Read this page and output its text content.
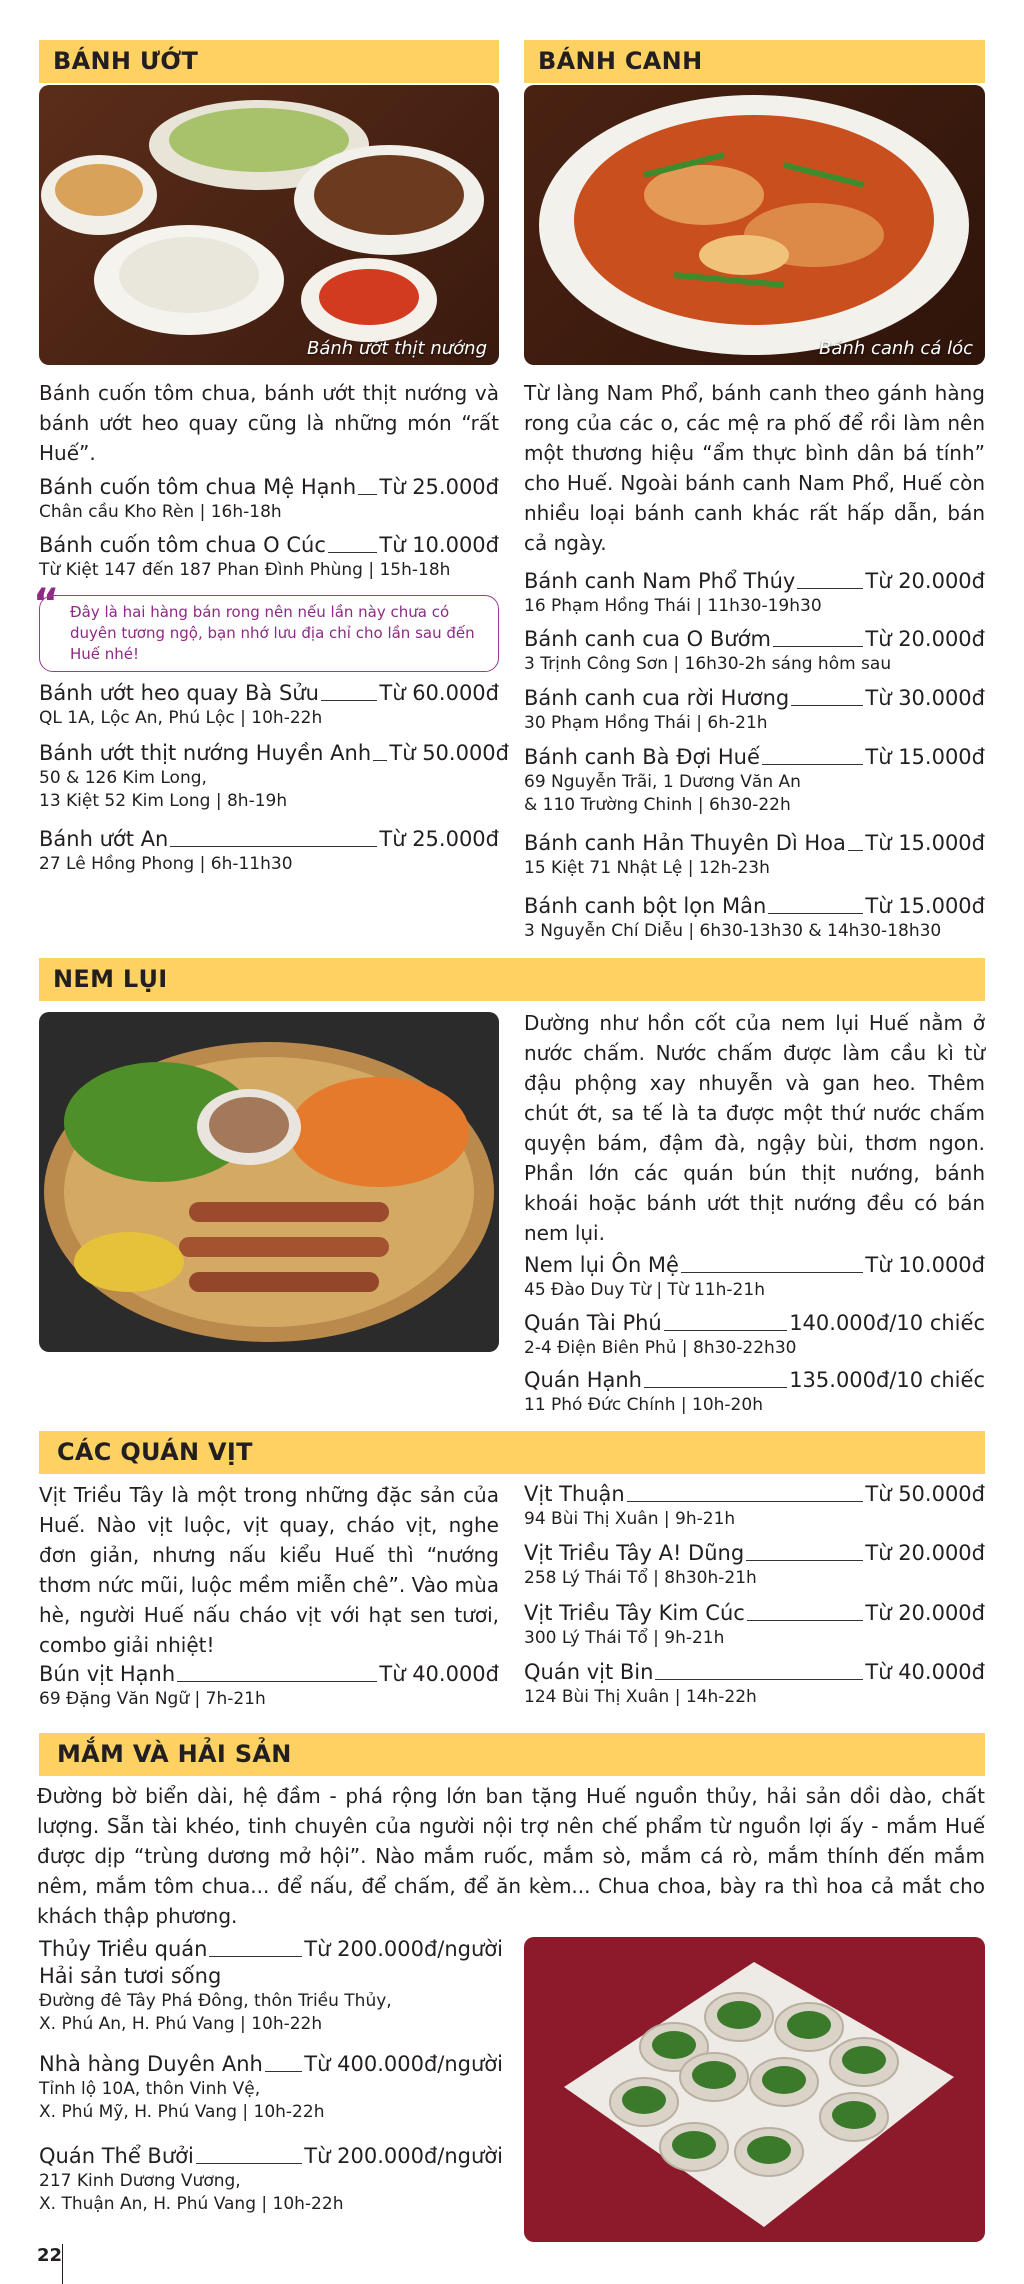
BÁNH ƯỚT
Bánh ướt thịt nướng
Bánh cuốn tôm chua, bánh ướt thịt nướng và bánh ướt heo quay cũng là những món “rất Huế”.
Bánh cuốn tôm chua Mệ Hạnh Từ 25.000đ
Chân cầu Kho Rèn | 16h-18h
Bánh cuốn tôm chua O Cúc	Từ 10.000đ
Từ Kiệt 147 đến 187 Phan Đình Phùng | 15h-18h
“ Đây là hai hàng bán rong nên nếu lần này chưa có duyên tương ngộ, bạn nhớ lưu địa chỉ cho lần sau đến Huế nhé!
Bánh ướt heo quay Bà Sửu	Từ 60.000đ
QL 1A, Lộc An, Phú Lộc | 10h-22h
Bánh ướt thịt nướng Huyền Anh Từ 50.000đ
50 & 126 Kim Long,
13 Kiệt 52 Kim Long | 8h-19h
Bánh ướt An	Từ 25.000đ
27 Lê Hồng Phong | 6h-11h30
BÁNH CANH
Bánh canh cá lóc
Từ làng Nam Phổ, bánh canh theo gánh hàng rong của các o, các mệ ra phố để rồi làm nên một thương hiệu “ẩm thực bình dân bá tính” cho Huế. Ngoài bánh canh Nam Phổ, Huế còn nhiều loại bánh canh khác rất hấp dẫn, bán cả ngày.
Bánh canh Nam Phổ Thúy	Từ 20.000đ
16 Phạm Hồng Thái | 11h30-19h30
Bánh canh cua O Bướm	Từ 20.000đ
3 Trịnh Công Sơn | 16h30-2h sáng hôm sau
Bánh canh cua rời Hương	Từ 30.000đ
30 Phạm Hồng Thái | 6h-21h
Bánh canh Bà Đợi Huế	Từ 15.000đ
69 Nguyễn Trãi, 1 Dương Văn An
& 110 Trường Chinh | 6h30-22h
Bánh canh Hản Thuyên Dì Hoa Từ 15.000đ
15 Kiệt 71 Nhật Lệ | 12h-23h
Bánh canh bột lọn Mân	Từ 15.000đ
3 Nguyễn Chí Diễu | 6h30-13h30 & 14h30-18h30
NEM LỤI
Dường như hồn cốt của nem lụi Huế nằm ở nước chấm. Nước chấm được làm cầu kì từ đậu phộng xay nhuyễn và gan heo. Thêm chút ớt, sa tế là ta được một thứ nước chấm quyện bám, đậm đà, ngậy bùi, thơm ngon. Phần lớn các quán bún thịt nướng, bánh khoái hoặc bánh ướt thịt nướng đều có bán nem lụi.
Nem lụi Ôn Mệ	Từ 10.000đ
45 Đào Duy Từ | Từ 11h-21h
Quán Tài Phú	140.000đ/10 chiếc
2-4 Điện Biên Phủ | 8h30-22h30
Quán Hạnh	135.000đ/10 chiếc
11 Phó Đức Chính | 10h-20h
CÁC QUÁN VỊT
Vịt Triều Tây là một trong những đặc sản của Huế. Nào vịt luộc, vịt quay, cháo vịt, nghe đơn giản, nhưng nấu kiểu Huế thì “nướng thơm nức mũi, luộc mềm miễn chê”. Vào mùa hè, người Huế nấu cháo vịt với hạt sen tươi, combo giải nhiệt!
Bún vịt Hạnh	Từ 40.000đ
69 Đặng Văn Ngữ | 7h-21h
Vịt Thuận	Từ 50.000đ
94 Bùi Thị Xuân | 9h-21h
Vịt Triều Tây A! Dũng	Từ 20.000đ
258 Lý Thái Tổ | 8h30h-21h
Vịt Triều Tây Kim Cúc	Từ 20.000đ
300 Lý Thái Tổ | 9h-21h
Quán vịt Bin	Từ 40.000đ
124 Bùi Thị Xuân | 14h-22h
MẮM VÀ HẢI SẢN
Đường bờ biển dài, hệ đầm - phá rộng lớn ban tặng Huế nguồn thủy, hải sản dồi dào, chất lượng. Sẵn tài khéo, tinh chuyên của người nội trợ nên chế phẩm từ nguồn lợi ấy - mắm Huế được dịp “trùng dương mở hội”. Nào mắm ruốc, mắm sò, mắm cá rò, mắm thính đến mắm nêm, mắm tôm chua... để nấu, để chấm, để ăn kèm... Chua choa, bày ra thì hoa cả mắt cho khách thập phương.
Thủy Triều quán	Từ 200.000đ/người
Hải sản tươi sống
Đường đê Tây Phá Đông, thôn Triều Thủy,
X. Phú An, H. Phú Vang | 10h-22h
Nhà hàng Duyên Anh Từ 400.000đ/người
Tỉnh lộ 10A, thôn Vinh Vệ,
X. Phú Mỹ, H. Phú Vang | 10h-22h
Quán Thể Bưởi	Từ 200.000đ/người
217 Kinh Dương Vương,
X. Thuận An, H. Phú Vang | 10h-22h
22
